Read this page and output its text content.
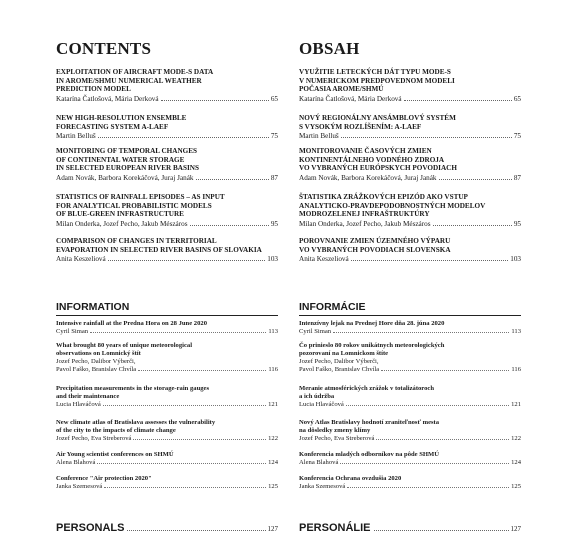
CONTENTS

EXPLOITATION OF AIRCRAFT MODE-S DATA

IN AROME/SHMU NUMERICAL WEATHER

PREDICTION MODEL

Katarína Čatlošová, Mária Derková	65

NEW HIGH-RESOLUTION ENSEMBLE

FORECASTING SYSTEM A-LAEF

Martin Belluš	75

MONITORING OF TEMPORAL CHANGES

OF CONTINENTAL WATER STORAGE

IN SELECTED EUROPEAN RIVER BASINS

Adam Novák, Barbora Korekáčová, Juraj Janák	87

STATISTICS OF RAINFALL EPISODES – AS INPUT

FOR ANALYTICAL PROBABILISTIC MODELS

OF BLUE-GREEN INFRASTRUCTURE

Milan Onderka, Jozef Pecho, Jakub Mészáros	95

COMPARISON OF CHANGES IN TERRITORIAL

EVAPORATION IN SELECTED RIVER BASINS OF SLOVAKIA

Anita Keszeliová	103
INFORMATION

Intensive rainfall at the Predna Hora on 28 June 2020

Cyril Siman	113

What brought 80 years of unique meteorological

observations on Lomnický štít

Jozef Pecho, Dalibor Výberči,

Pavol Faško, Branislav Chvíla	116

Precipitation measurements in the storage-rain gauges

and their maintenance

Lucia Hlaváčová	121

New climate atlas of Bratislava assesses the vulnerability

of the city to the impacts of climate change

Jozef Pecho, Eva Streberová	122

Air Young scientist conferences on SHMÚ

Alena Blahová	124

Conference "Air protection 2020"

Janka Szemesová	125
PERSONALS	127
OBSAH

VYUŽITIE LETECKÝCH DÁT TYPU MODE-S

V NUMERICKOM PREDPOVEDNOM MODELI

POČASIA AROME/SHMÚ

Katarína Čatlošová, Mária Derková	65

NOVÝ REGIONÁLNY ANSÁMBLOVÝ SYSTÉM

S VYSOKÝM ROZLÍŠENÍM: A-LAEF

Martin Belluš	75

MONITOROVANIE ČASOVÝCH ZMIEN

KONTINENTÁLNEHO VODNÉHO ZDROJA

VO VYBRANÝCH EURÓPSKYCH POVODIACH

Adam Novák, Barbora Korekáčová, Juraj Janák	87

ŠTATISTIKA ZRÁŽKOVÝCH EPIZÓD AKO VSTUP

ANALYTICKO-PRAVDEPODOBNOSTNÝCH MODELOV

MODROZELENEJ INFRAŠTRUKTÚRY

Milan Onderka, Jozef Pecho, Jakub Mészáros	95

POROVNANIE ZMIEN ÚZEMNÉHO VÝPARU

VO VYBRANÝCH POVODIACH SLOVENSKA

Anita Keszeliová	103
INFORMÁCIE

Intenzívny lejak na Prednej Hore dňa 28. júna 2020

Cyril Siman	113

Čo prinieslo 80 rokov unikátnych meteorologických

pozorovaní na Lomnickom štíte

Jozef Pecho, Dalibor Výberči,

Pavol Faško, Branislav Chvíla	116

Meranie atmosférických zrážok v totalizátoroch

a ich údržba

Lucia Hlaváčová	121

Nový Atlas Bratislavy hodnotí zraniteľnosť mesta

na dôsledky zmeny klímy

Jozef Pecho, Eva Streberová	122

Konferencia mladých odborníkov na pôde SHMÚ

Alena Blahová	124

Konferencia Ochrana ovzdušia 2020

Janka Szemesová	125
PERSONÁLIE	127
